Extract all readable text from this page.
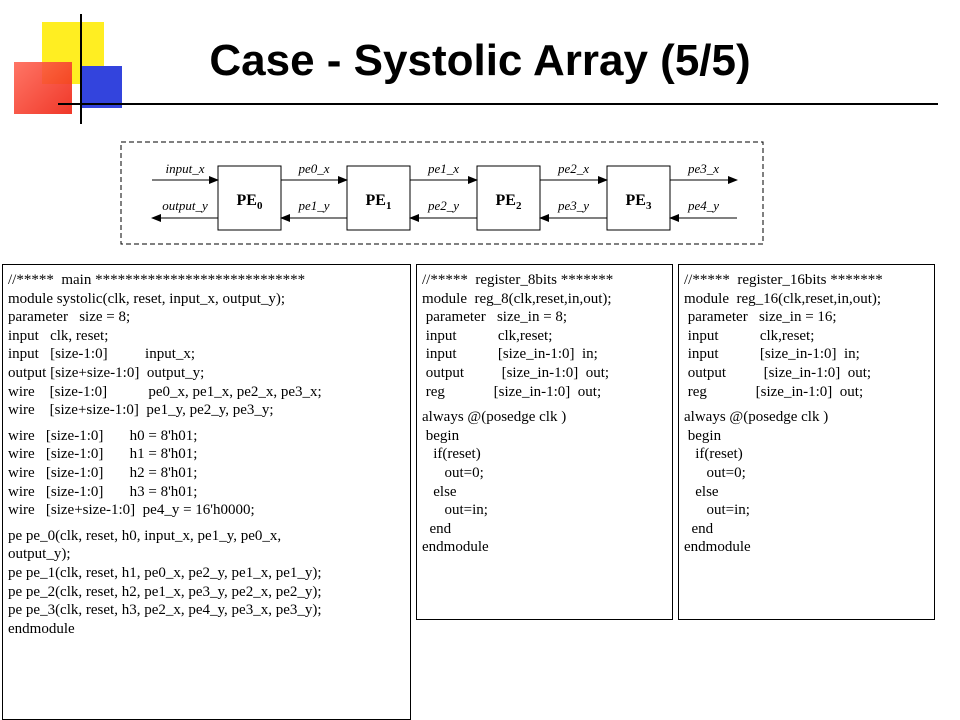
Case - Systolic Array (5/5)
$PE_0$	$PE_1$	$PE_2$	$PE_3$
input_x	pe0_x	pe1_x	pe2_x	pe3_x
output_y	pe1_y	pe2_y	pe3_y	pe4_y
//*****  main ****************************
module systolic(clk, reset, input_x, output_y);
parameter   size = 8;
input   clk, reset;
input   [size-1:0]          input_x;
output [size+size-1:0]  output_y;
wire    [size-1:0]           pe0_x, pe1_x, pe2_x, pe3_x;
wire    [size+size-1:0]  pe1_y, pe2_y, pe3_y;
wire   [size-1:0]       h0 = 8'h01;
wire   [size-1:0]       h1 = 8'h01;
wire   [size-1:0]       h2 = 8'h01;
wire   [size-1:0]       h3 = 8'h01;
wire   [size+size-1:0]  pe4_y = 16'h0000;
pe pe_0(clk, reset, h0, input_x, pe1_y, pe0_x,
output_y);
pe pe_1(clk, reset, h1, pe0_x, pe2_y, pe1_x, pe1_y);
pe pe_2(clk, reset, h2, pe1_x, pe3_y, pe2_x, pe2_y);
pe pe_3(clk, reset, h3, pe2_x, pe4_y, pe3_x, pe3_y);
endmodule
//*****  register_8bits *******
module  reg_8(clk,reset,in,out);
parameter   size_in = 8;
input           clk,reset;
input           [size_in-1:0]  in;
output          [size_in-1:0]  out;
reg             [size_in-1:0]  out;
always @(posedge clk )
begin
if(reset)
out=0;
else
out=in;
end
endmodule
//*****  register_16bits *******
module  reg_16(clk,reset,in,out);
parameter   size_in = 16;
input           clk,reset;
input           [size_in-1:0]  in;
output          [size_in-1:0]  out;
reg             [size_in-1:0]  out;
always @(posedge clk )
begin
if(reset)
out=0;
else
out=in;
end
endmodule
